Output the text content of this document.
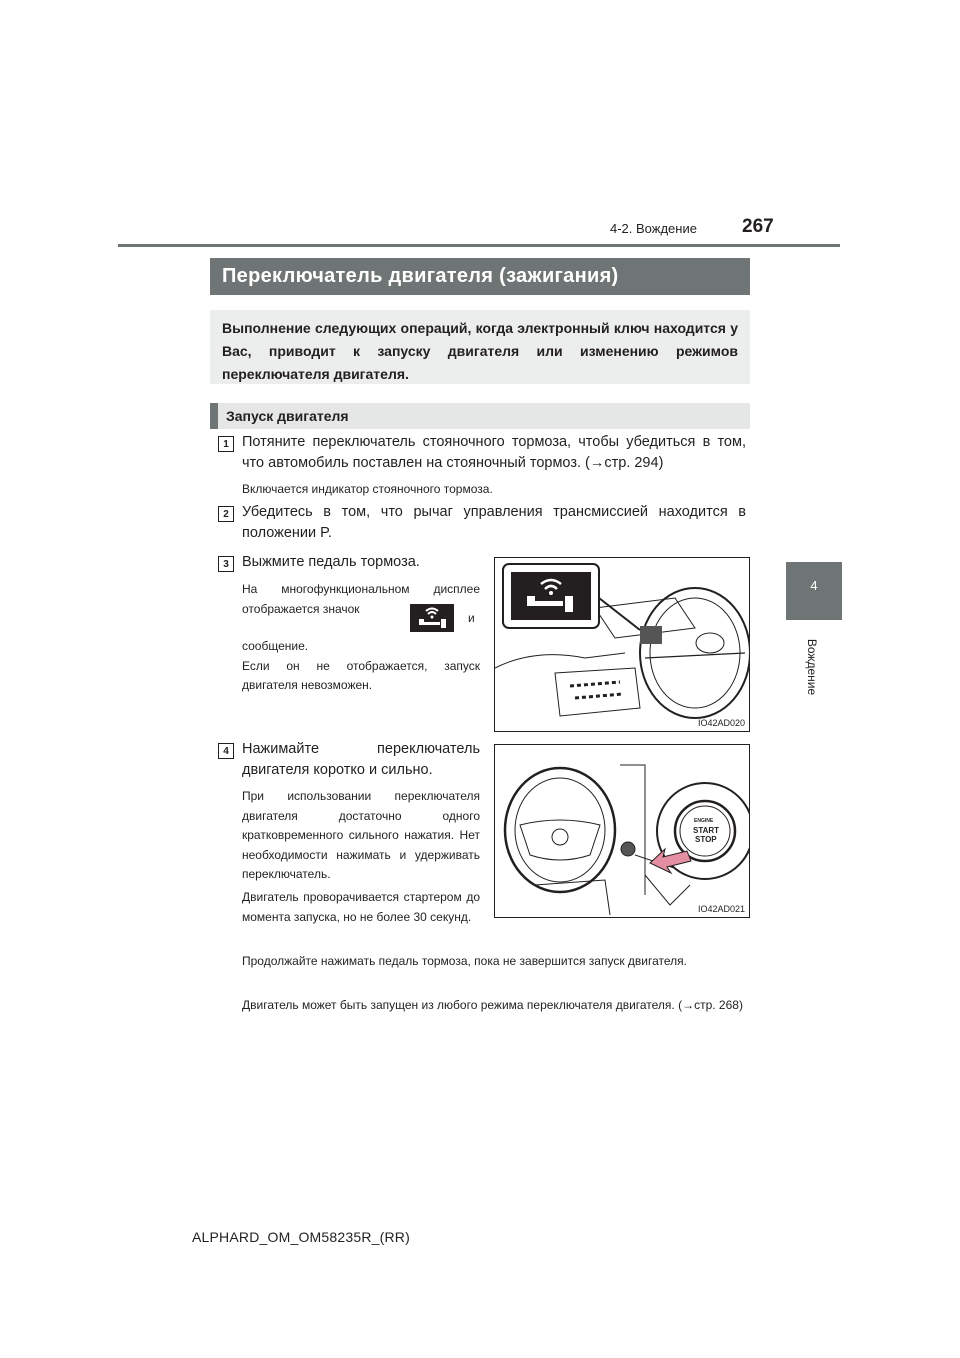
4-2. Вождение 267
4
Вождение
Переключатель двигателя (зажигания)
Выполнение следующих операций, когда электронный ключ находится у Вас, приводит к запуску двигателя или изменению режимов переключателя двигателя.
Запуск двигателя
1 Потяните переключатель стояночного тормоза, чтобы убедиться в том, что автомобиль поставлен на стояночный тормоз. (→стр. 294)
Включается индикатор стояночного тормоза.
2 Убедитесь в том, что рычаг управления трансмиссией находится в положении P.
3 Выжмите педаль тормоза.
На многофункциональном дисплее отображается значок
и
сообщение.
Если он не отображается, запуск двигателя невозможен.
IO42AD020
4 Нажимайте переключатель двигателя коротко и сильно.
При использовании переключателя двигателя достаточно одного кратковременного сильного нажатия. Нет необходимости нажимать и удерживать переключатель.
Двигатель проворачивается стартером до момента запуска, но не более 30 секунд.
ENGINE
START
STOP
IO42AD021
Продолжайте нажимать педаль тормоза, пока не завершится запуск двигателя.
Двигатель может быть запущен из любого режима переключателя двигателя. (→стр. 268)
ALPHARD_OM_OM58235R_(RR)
